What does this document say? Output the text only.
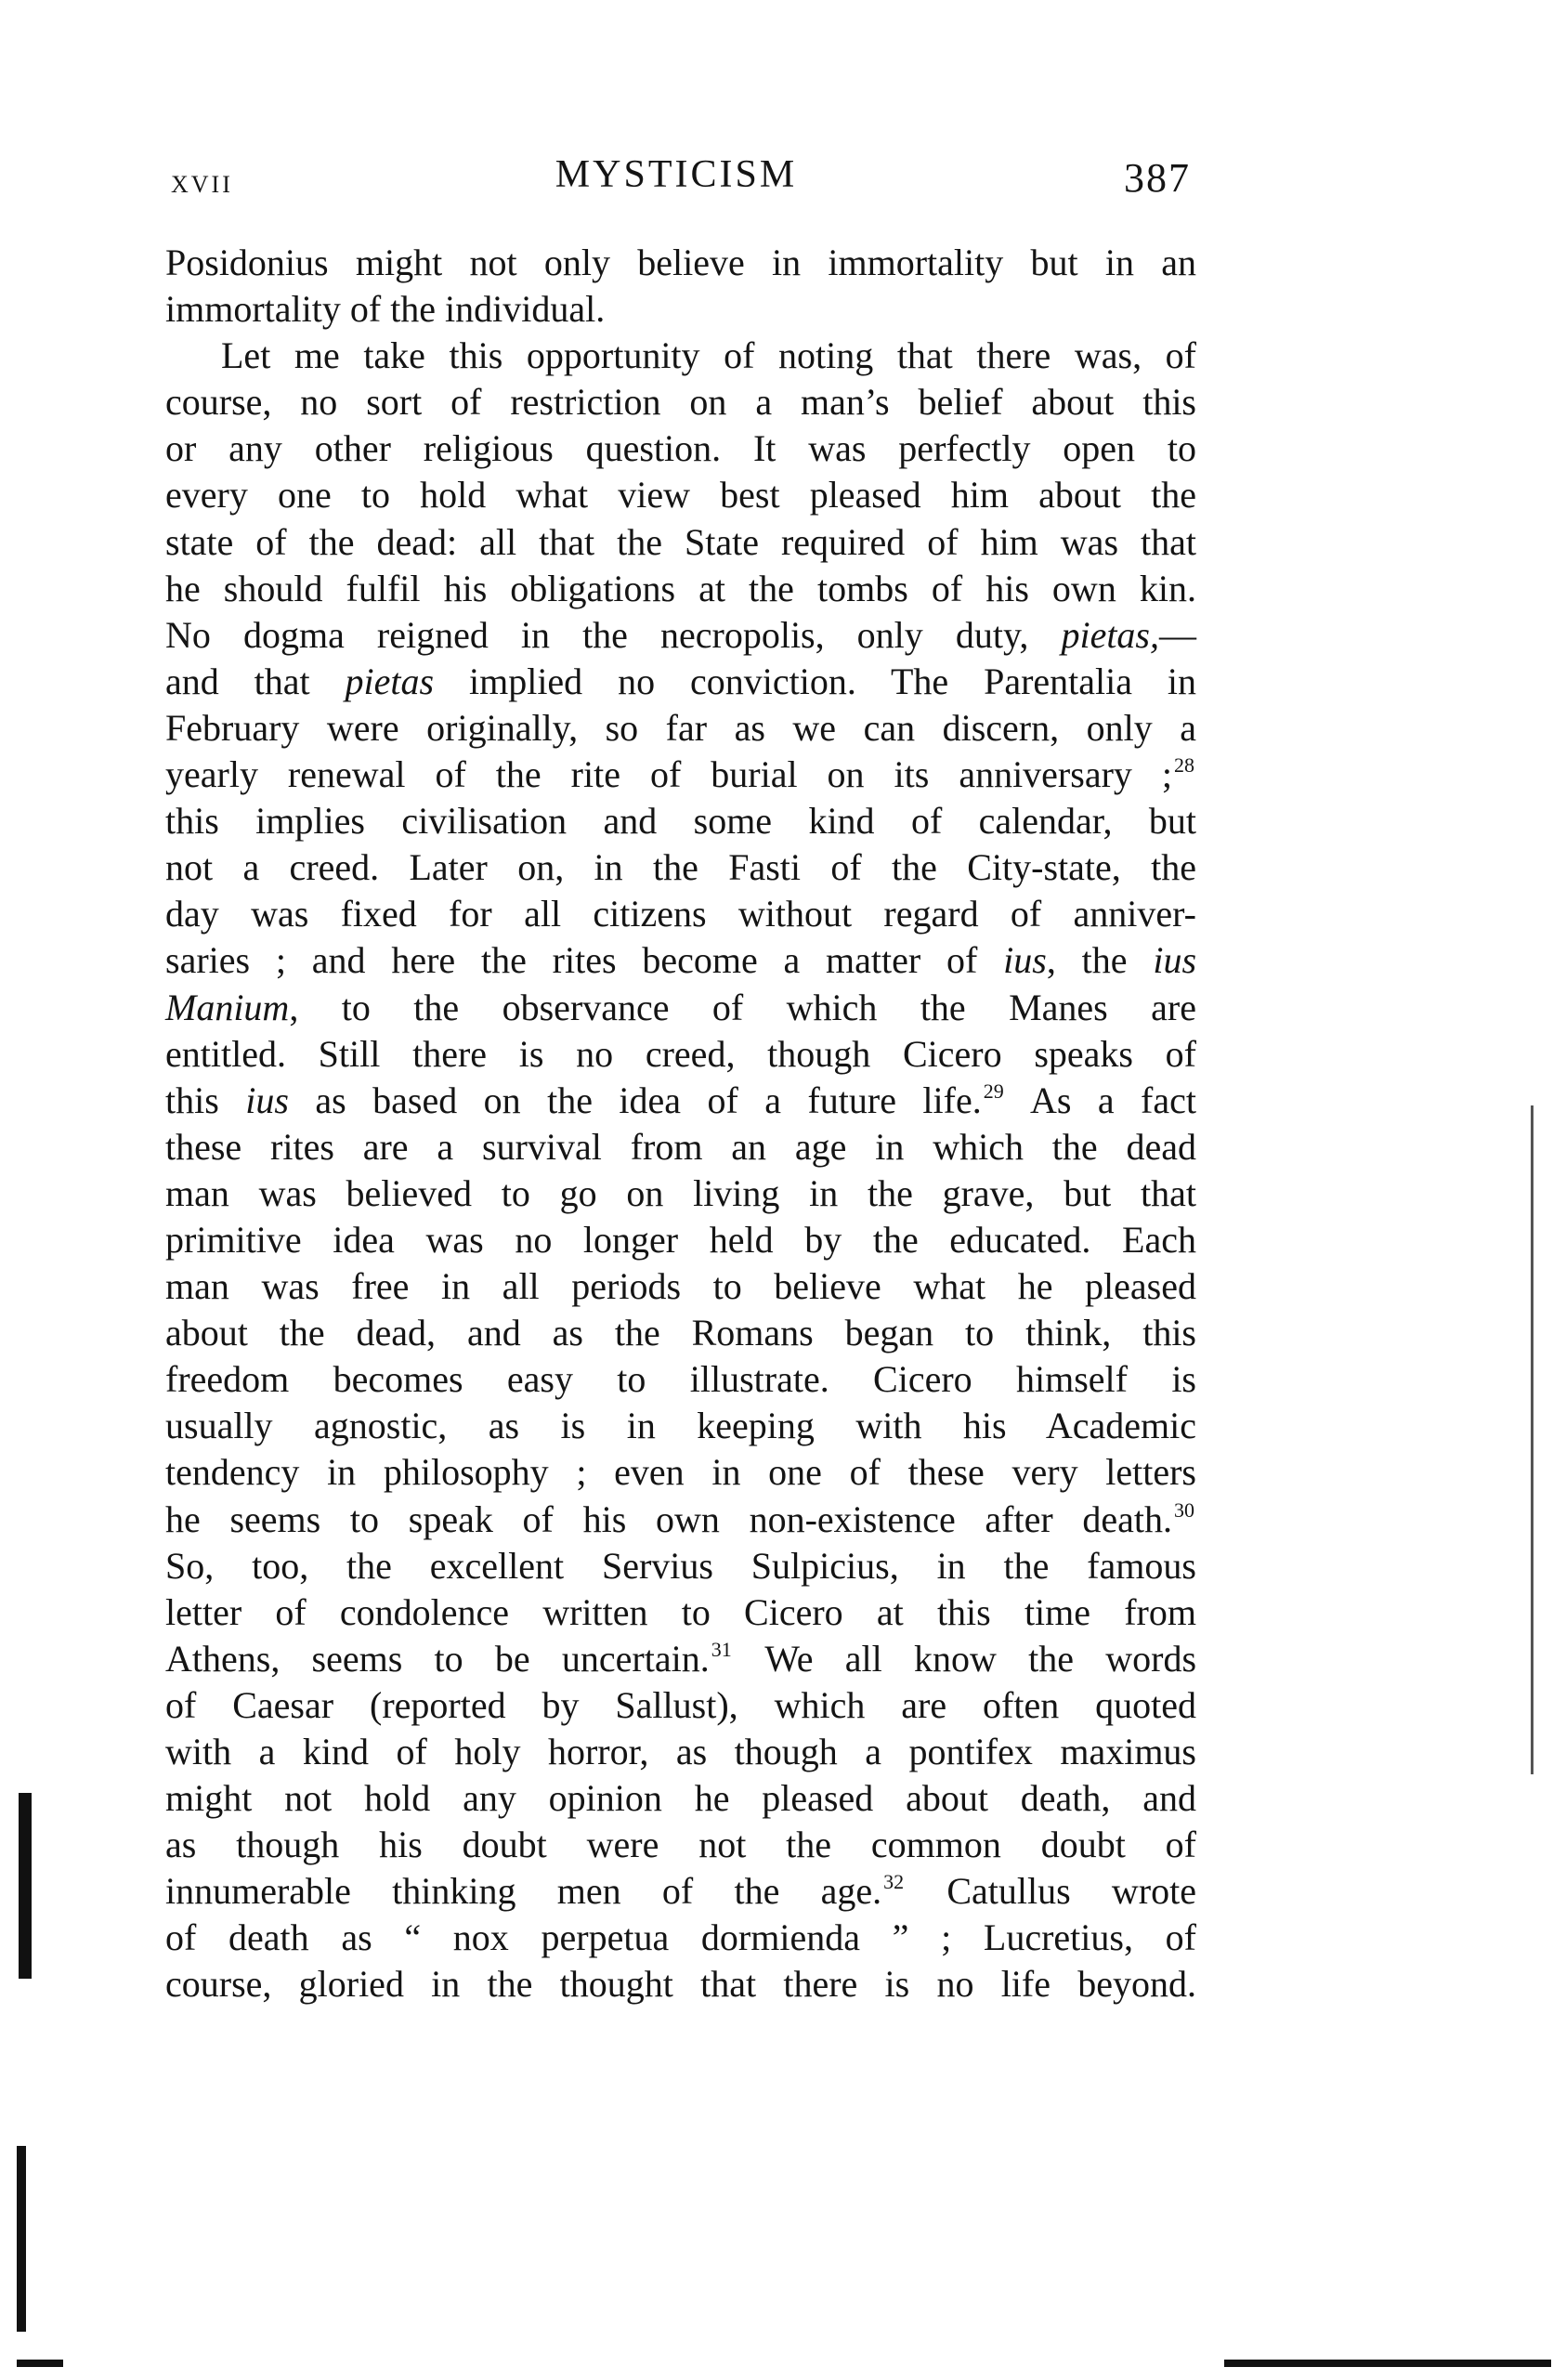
XVII	MYSTICISM	387
Posidonius might not only believe in immortality but in an
immortality of the individual.
Let me take this opportunity of noting that there was, of
course, no sort of restriction on a man’s belief about this
or any other religious question. It was perfectly open to
every one to hold what view best pleased him about the
state of the dead: all that the State required of him was that
he should fulfil his obligations at the tombs of his own kin.
No dogma reigned in the necropolis, only duty, pietas,—
and that pietas implied no conviction. The Parentalia in
February were originally, so far as we can discern, only a
yearly renewal of the rite of burial on its anniversary ;$^{28}$
this implies civilisation and some kind of calendar, but
not a creed. Later on, in the Fasti of the City-state, the
day was fixed for all citizens without regard of anniver-
saries ; and here the rites become a matter of ius, the ius
Manium, to the observance of which the Manes are
entitled. Still there is no creed, though Cicero speaks of
this ius as based on the idea of a future life.$^{29}$ As a fact
these rites are a survival from an age in which the dead
man was believed to go on living in the grave, but that
primitive idea was no longer held by the educated. Each
man was free in all periods to believe what he pleased
about the dead, and as the Romans began to think, this
freedom becomes easy to illustrate. Cicero himself is
usually agnostic, as is in keeping with his Academic
tendency in philosophy ; even in one of these very letters
he seems to speak of his own non-existence after death.$^{30}$
So, too, the excellent Servius Sulpicius, in the famous
letter of condolence written to Cicero at this time from
Athens, seems to be uncertain.$^{31}$ We all know the words
of Caesar (reported by Sallust), which are often quoted
with a kind of holy horror, as though a pontifex maximus
might not hold any opinion he pleased about death, and
as though his doubt were not the common doubt of
innumerable thinking men of the age.$^{32}$ Catullus wrote
of death as “ nox perpetua dormienda ” ; Lucretius, of
course, gloried in the thought that there is no life beyond.
